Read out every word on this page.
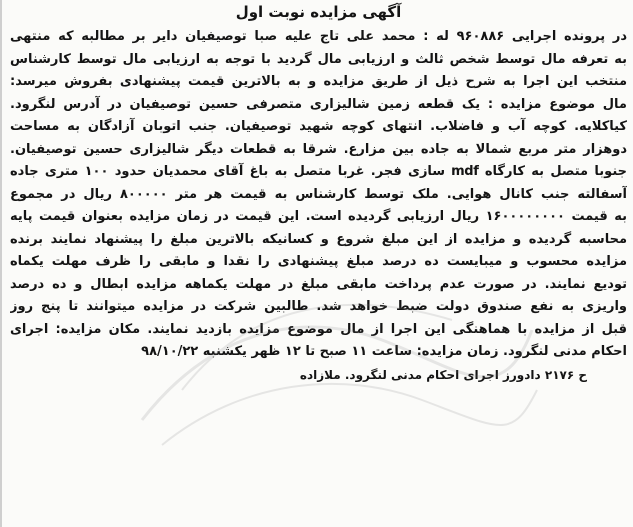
آگهی مزایده نوبت اول
در پرونده اجرایی ۹۶۰۸۸۶ له : محمد علی تاج علیه صبا توصیفیان دایر بر مطالبه که منتهی
به تعرفه مال توسط شخص ثالث و ارزیابی مال گردید با توجه به ارزیابی مال توسط کارشناس
منتخب این اجرا به شرح ذیل از طریق مزایده و به بالاترین قیمت پیشنهادی بفروش میرسد:
مال موضوع مزایده : یک قطعه زمین شالیزاری متصرفی حسین توصیفیان در آدرس لنگرود.
کیاکلایه. کوچه آب و فاضلاب. انتهای کوچه شهید توصیفیان. جنب اتوبان آزادگان به مساحت
دوهزار متر مربع شمالا به جاده بین مزارع. شرقا به قطعات دیگر شالیزاری حسین توصیفیان.
جنوبا متصل به کارگاه mdf سازی فجر. غربا متصل به باغ آقای محمدیان حدود ۱۰۰ متری جاده
آسفالته جنب کانال هوایی. ملک توسط کارشناس به قیمت هر متر ۸۰۰۰۰۰ ریال در مجموع
به قیمت ۱۶۰۰۰۰۰۰۰۰ ریال ارزیابی گردیده است. این قیمت در زمان مزایده بعنوان قیمت پایه
محاسبه گردیده و مزایده از این مبلغ شروع و کسانیکه بالاترین مبلغ را پیشنهاد نمایند برنده
مزایده محسوب و میبایست ده درصد مبلغ پیشنهادی را نقدا و مابقی را ظرف مهلت یکماه
تودیع نمایند. در صورت عدم پرداخت مابقی مبلغ در مهلت یکماهه مزایده ابطال و ده درصد
واریزی به نفع صندوق دولت ضبط خواهد شد. طالبین شرکت در مزایده میتوانند تا پنج روز
قبل از مزایده با هماهنگی این اجرا از مال موضوع مزایده بازدید نمایند. مکان مزایده: اجرای
احکام مدنی لنگرود. زمان مزایده: ساعت ۱۱ صبح تا ۱۲ ظهر یکشنبه ۹۸/۱۰/۲۲
ح ۲۱۷۶ دادورز اجرای احکام مدنی لنگرود. ملازاده
